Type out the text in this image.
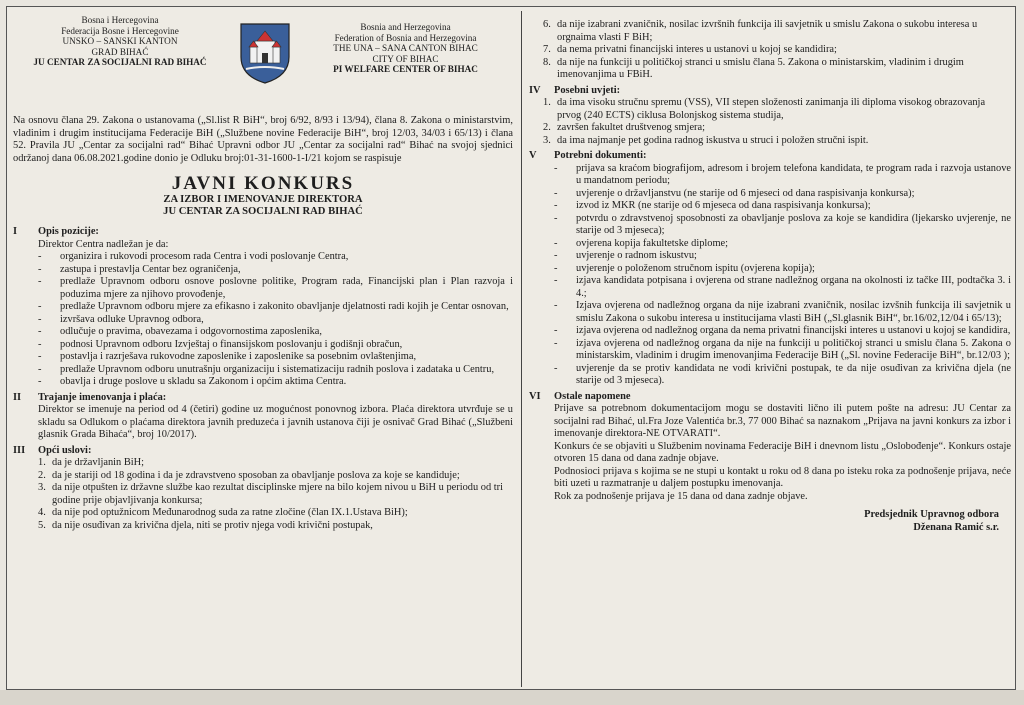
Bosna i Hercegovina
Federacija Bosne i Hercegovine
UNSKO – SANSKI KANTON
GRAD BIHAĆ
JU CENTAR ZA SOCIJALNI RAD BIHAĆ
Bosnia and Herzegovina
Federation of Bosnia and Herzegovina
THE UNA – SANA CANTON BIHAC
CITY OF BIHAC
PI WELFARE CENTER OF BIHAC
Na osnovu člana 29. Zakona o ustanovama („Sl.list R BiH“, broj 6/92, 8/93 i 13/94), člana 8. Zakona o ministarstvim, vladinim i drugim institucijama Federacije BiH („Službene novine Federacije BiH“, broj 12/03, 34/03 i 65/13) i člana 52. Pravila JU „Centar za socijalni rad“ Bihać Upravni odbor JU „Centar za socijalni rad“ Bihać na svojoj sjednici održanoj dana 06.08.2021.godine donio je Odluku broj:01-31-1600-1-I/21 kojom se raspisuje
JAVNI KONKURS
ZA IZBOR I IMENOVANJE DIREKTORA
JU CENTAR ZA SOCIJALNI RAD BIHAĆ
I	Opis pozicije:
Direktor Centra nadležan je da:
- organizira i rukovodi procesom rada Centra i vodi poslovanje Centra,
- zastupa i prestavlja Centar bez ograničenja,
- predlaže Upravnom odboru osnove poslovne politike, Program rada, Financijski plan i Plan razvoja i poduzima mjere za njihovo provođenje,
- predlaže Upravnom odboru mjere za efikasno i zakonito obavljanje djelatnosti radi kojih je Centar osnovan,
- izvršava odluke Upravnog odbora,
- odlučuje o pravima, obavezama i odgovornostima zaposlenika,
- podnosi Upravnom odboru Izvještaj o finansijskom poslovanju i godišnji obračun,
- postavlja i razrješava rukovodne zaposlenike i zaposlenike sa posebnim ovlaštenjima,
- predlaže Upravnom odboru unutrašnju organizaciju i sistematizaciju radnih poslova i zadataka u Centru,
- obavlja i druge poslove u skladu sa Zakonom i općim aktima Centra.
II	Trajanje imenovanja i plaća:
Direktor se imenuje na period od 4 (četiri) godine uz mogućnost ponovnog izbora. Plaća direktora utvrđuje se u skladu sa Odlukom o plaćama direktora javnih preduzeća i javnih ustanova čiji je osnivač Grad Bihać („Službeni glasnik Grada Bihaća“, broj 10/2017).
III	Opći uslovi:
1. da je državljanin BiH;
2. da je stariji od 18 godina i da je zdravstveno sposoban za obavljanje poslova za koje se kandiduje;
3. da nije otpušten iz državne službe kao rezultat disciplinske mjere na bilo kojem nivou u BiH u periodu od tri godine prije objavljivanja konkursa;
4. da nije pod optužnicom Međunarodnog suda za ratne zločine (član IX.1.Ustava BiH);
5. da nije osuđivan za krivična djela, niti se protiv njega vodi krivični postupak,
6. da nije izabrani zvaničnik, nosilac izvršnih funkcija ili savjetnik u smislu Zakona o sukobu interesa u orgnaima vlasti F BiH;
7. da nema privatni financijski interes u ustanovi u kojoj se kandidira;
8. da nije na funkciji u političkoj stranci u smislu člana 5. Zakona o ministarskim, vladinim i drugim imenovanjima u FBiH.
IV	Posebni uvjeti:
1. da ima visoku stručnu spremu (VSS), VII stepen složenosti zanimanja ili diploma visokog obrazovanja prvog (240 ECTS) ciklusa Bolonjskog sistema studija,
2. završen fakultet društvenog smjera;
3. da ima najmanje pet godina radnog iskustva u struci i položen stručni ispit.
V	Potrebni dokumenti:
- prijava sa kraćom biografijom, adresom i brojem telefona kandidata, te program rada i razvoja ustanove u mandatnom periodu;
- uvjerenje o državljanstvu (ne starije od 6 mjeseci od dana raspisivanja konkursa);
- izvod iz MKR (ne starije od 6 mjeseca od dana raspisivanja konkursa);
- potvrdu o zdravstvenoj sposobnosti za obavljanje poslova za koje se kandidira (ljekarsko uvjerenje, ne starije od 3 mjeseca);
- ovjerena kopija fakultetske diplome;
- uvjerenje o radnom iskustvu;
- uvjerenje o položenom stručnom ispitu (ovjerena kopija);
- izjava kandidata potpisana i ovjerena od strane nadležnog organa na okolnosti iz tačke III, podtačka 3. i 4.;
- Izjava ovjerena od nadležnog organa da nije izabrani zvaničnik, nosilac izvšnih funkcija ili savjetnik u smislu Zakona o sukobu interesa u institucijama vlasti BiH („Sl.glasnik BiH“, br.16/02,12/04 i 65/13);
- izjava ovjerena od nadležnog organa da nema privatni financijski interes u ustanovi u kojoj se kandidira,
- izjava ovjerena od nadležnog organa da nije na funkciji u političkoj stranci u smislu člana 5. Zakona o ministarskim, vladinim i drugim imenovanjima Federacije BiH („Sl. novine Federacije BiH“, br.12/03 );
- uvjerenje da se protiv kandidata ne vodi krivični postupak, te da nije osuđivan za krivična djela (ne starije od 3 mjeseca).
VI	Ostale napomene
Prijave sa potrebnom dokumentacijom mogu se dostaviti lično ili putem pošte na adresu: JU Centar za socijalni rad Bihać, ul.Fra Joze Valentića br.3, 77 000 Bihać sa naznakom „Prijava na javni konkurs za izbor i imenovanje direktora-NE OTVARATI“.
Konkurs će se objaviti u Službenim novinama Federacije BiH i dnevnom listu „Oslobođenje“. Konkurs ostaje otvoren 15 dana od dana zadnje objave.
Podnosioci prijava s kojima se ne stupi u kontakt u roku od 8 dana po isteku roka za podnošenje prijava, neće biti uzeti u razmatranje u daljem postupku imenovanja.
Rok za podnošenje prijava je 15 dana od dana zadnje objave.
Predsjednik Upravnog odbora
Dženana Ramić s.r.
